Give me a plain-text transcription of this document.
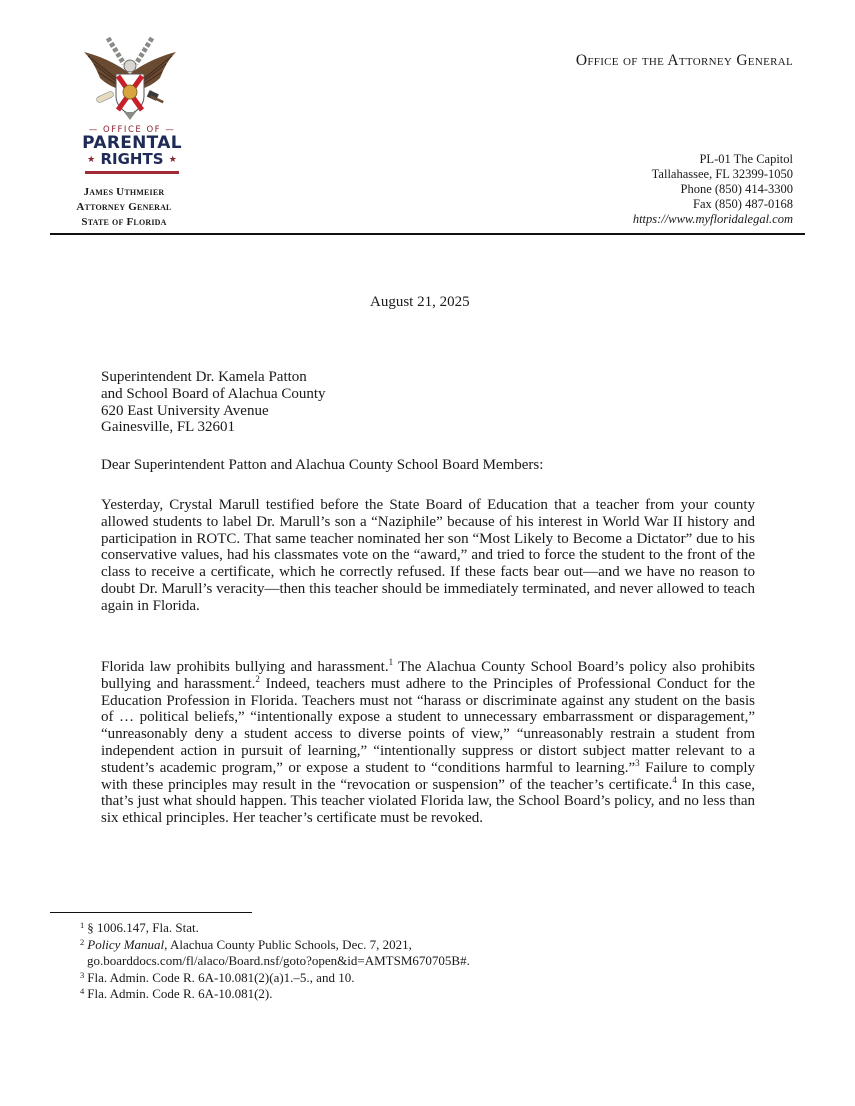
— OFFICE OF —
PARENTAL
★ RIGHTS ★
James Uthmeier
Attorney General
State of Florida
Office of the Attorney General
PL-01 The Capitol
Tallahassee, FL 32399-1050
Phone (850) 414-3300
Fax (850) 487-0168
https://www.myfloridalegal.com
August 21, 2025
Superintendent Dr. Kamela Patton
and School Board of Alachua County
620 East University Avenue
Gainesville, FL 32601
Dear Superintendent Patton and Alachua County School Board Members:
Yesterday, Crystal Marull testified before the State Board of Education that a teacher from your county allowed students to label Dr. Marull’s son a “Naziphile” because of his interest in World War II history and participation in ROTC. That same teacher nominated her son “Most Likely to Become a Dictator” due to his conservative values, had his classmates vote on the “award,” and tried to force the student to the front of the class to receive a certificate, which he correctly refused. If these facts bear out—and we have no reason to doubt Dr. Marull’s veracity—then this teacher should be immediately terminated, and never allowed to teach again in Florida.
Florida law prohibits bullying and harassment.$^1$ The Alachua County School Board’s policy also prohibits bullying and harassment.$^2$ Indeed, teachers must adhere to the Principles of Professional Conduct for the Education Profession in Florida. Teachers must not “harass or discriminate against any student on the basis of … political beliefs,” “intentionally expose a student to unnecessary embarrassment or disparagement,” “unreasonably deny a student access to diverse points of view,” “unreasonably restrain a student from independent action in pursuit of learning,” “intentionally suppress or distort subject matter relevant to a student’s academic program,” or expose a student to “conditions harmful to learning.”$^3$ Failure to comply with these principles may result in the “revocation or suspension” of the teacher’s certificate.$^4$ In this case, that’s just what should happen. This teacher violated Florida law, the School Board’s policy, and no less than six ethical principles. Her teacher’s certificate must be revoked.
$^1$ § 1006.147, Fla. Stat.
$^2$ Policy Manual, Alachua County Public Schools, Dec. 7, 2021,
go.boarddocs.com/fl/alaco/Board.nsf/goto?open&id=AMTSM670705B#.
$^3$ Fla. Admin. Code R. 6A-10.081(2)(a)1.–5., and 10.
$^4$ Fla. Admin. Code R. 6A-10.081(2).
